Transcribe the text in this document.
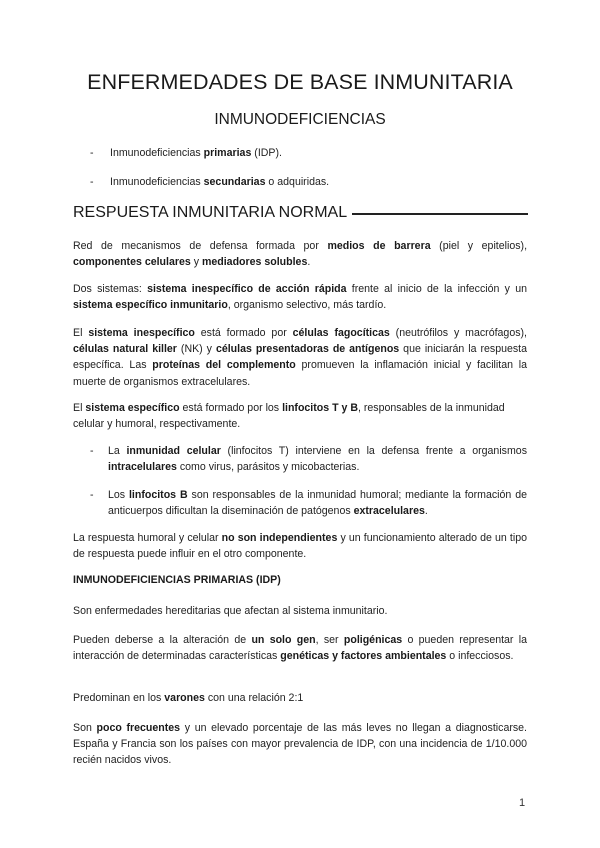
ENFERMEDADES DE BASE INMUNITARIA
INMUNODEFICIENCIAS
- Inmunodeficiencias primarias (IDP).
- Inmunodeficiencias secundarias o adquiridas.
RESPUESTA INMUNITARIA NORMAL
Red de mecanismos de defensa formada por medios de barrera (piel y epitelios), componentes celulares y mediadores solubles.
Dos sistemas: sistema inespecífico de acción rápida frente al inicio de la infección y un sistema específico inmunitario, organismo selectivo, más tardío.
El sistema inespecífico está formado por células fagocíticas (neutrófilos y macrófagos), células natural killer (NK) y células presentadoras de antígenos que iniciarán la respuesta específica. Las proteínas del complemento promueven la inflamación inicial y facilitan la muerte de organismos extracelulares.
El sistema específico está formado por los linfocitos T y B, responsables de la inmunidad celular y humoral, respectivamente.
- La inmunidad celular (linfocitos T) interviene en la defensa frente a organismos intracelulares como virus, parásitos y micobacterias.
- Los linfocitos B son responsables de la inmunidad humoral; mediante la formación de anticuerpos dificultan la diseminación de patógenos extracelulares.
La respuesta humoral y celular no son independientes y un funcionamiento alterado de un tipo de respuesta puede influir en el otro componente.
INMUNODEFICIENCIAS PRIMARIAS (IDP)
Son enfermedades hereditarias que afectan al sistema inmunitario.
Pueden deberse a la alteración de un solo gen, ser poligénicas o pueden representar la interacción de determinadas características genéticas y factores ambientales o infecciosos.
Predominan en los varones con una relación 2:1
Son poco frecuentes y un elevado porcentaje de las más leves no llegan a diagnosticarse. España y Francia son los países con mayor prevalencia de IDP, con una incidencia de 1/10.000 recién nacidos vivos.
1
